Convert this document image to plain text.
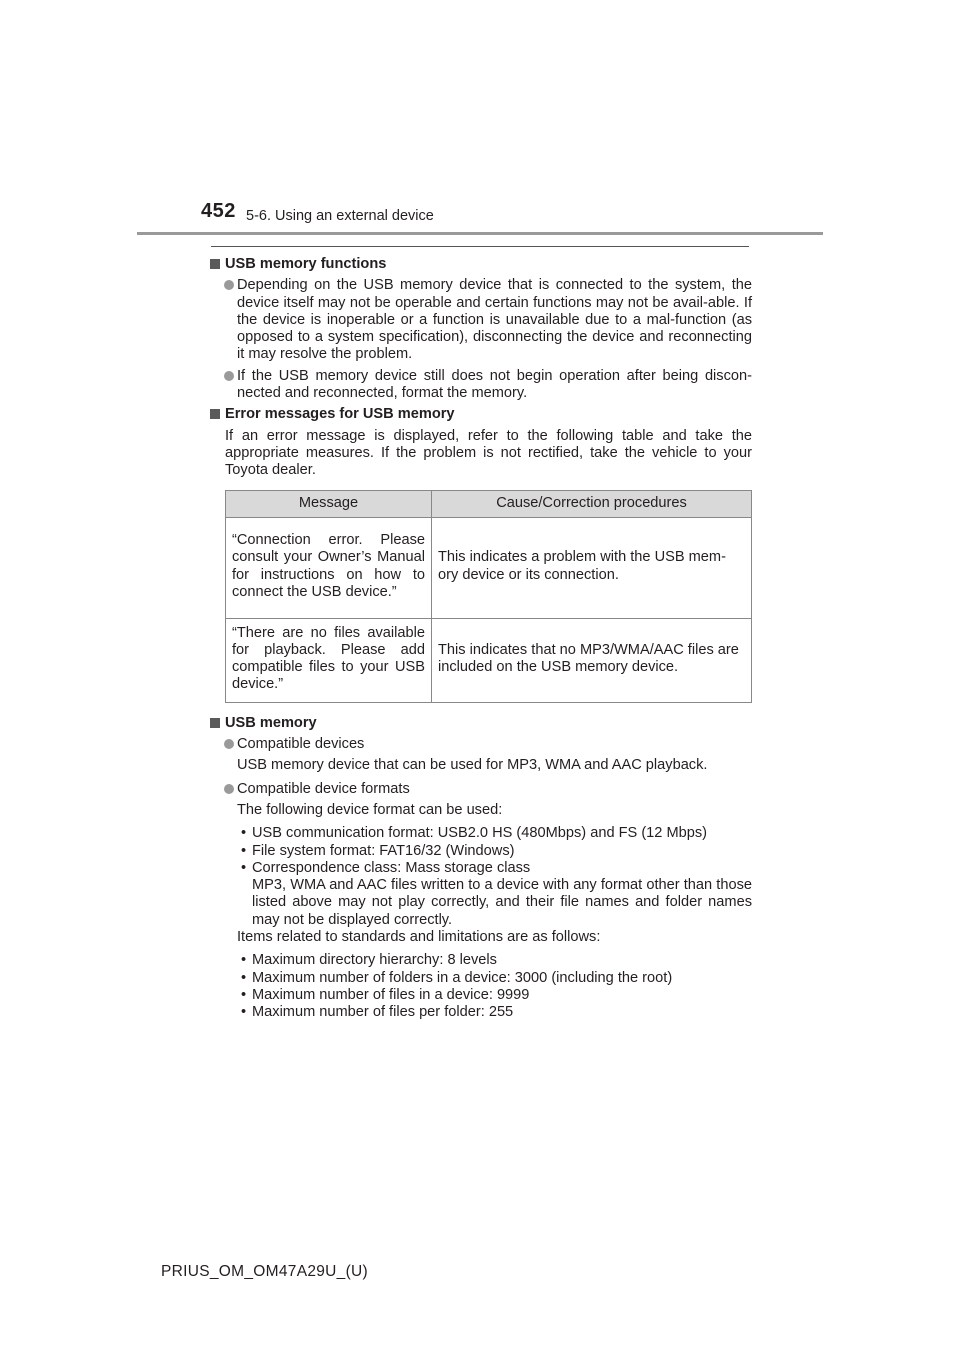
452 5-6. Using an external device
USB memory functions
Depending on the USB memory device that is connected to the system, the device itself may not be operable and certain functions may not be avail-able. If the device is inoperable or a function is unavailable due to a mal-function (as opposed to a system specification), disconnecting the device and reconnecting it may resolve the problem.
If the USB memory device still does not begin operation after being discon-nected and reconnected, format the memory.
Error messages for USB memory
If an error message is displayed, refer to the following table and take the appropriate measures. If the problem is not rectified, take the vehicle to your Toyota dealer.
Message	Cause/Correction procedures
“Connection error. Please consult your Owner’s Manual for instructions on how to connect the USB device.”	This indicates a problem with the USB mem-ory device or its connection.
“There are no files available for playback. Please add compatible files to your USB device.”	This indicates that no MP3/WMA/AAC files are included on the USB memory device.
USB memory
Compatible devices
USB memory device that can be used for MP3, WMA and AAC playback.
Compatible device formats
The following device format can be used:
• USB communication format: USB2.0 HS (480Mbps) and FS (12 Mbps)
• File system format: FAT16/32 (Windows)
• Correspondence class: Mass storage class
MP3, WMA and AAC files written to a device with any format other than those listed above may not play correctly, and their file names and folder names may not be displayed correctly.
Items related to standards and limitations are as follows:
• Maximum directory hierarchy: 8 levels
• Maximum number of folders in a device: 3000 (including the root)
• Maximum number of files in a device: 9999
• Maximum number of files per folder: 255
PRIUS_OM_OM47A29U_(U)
